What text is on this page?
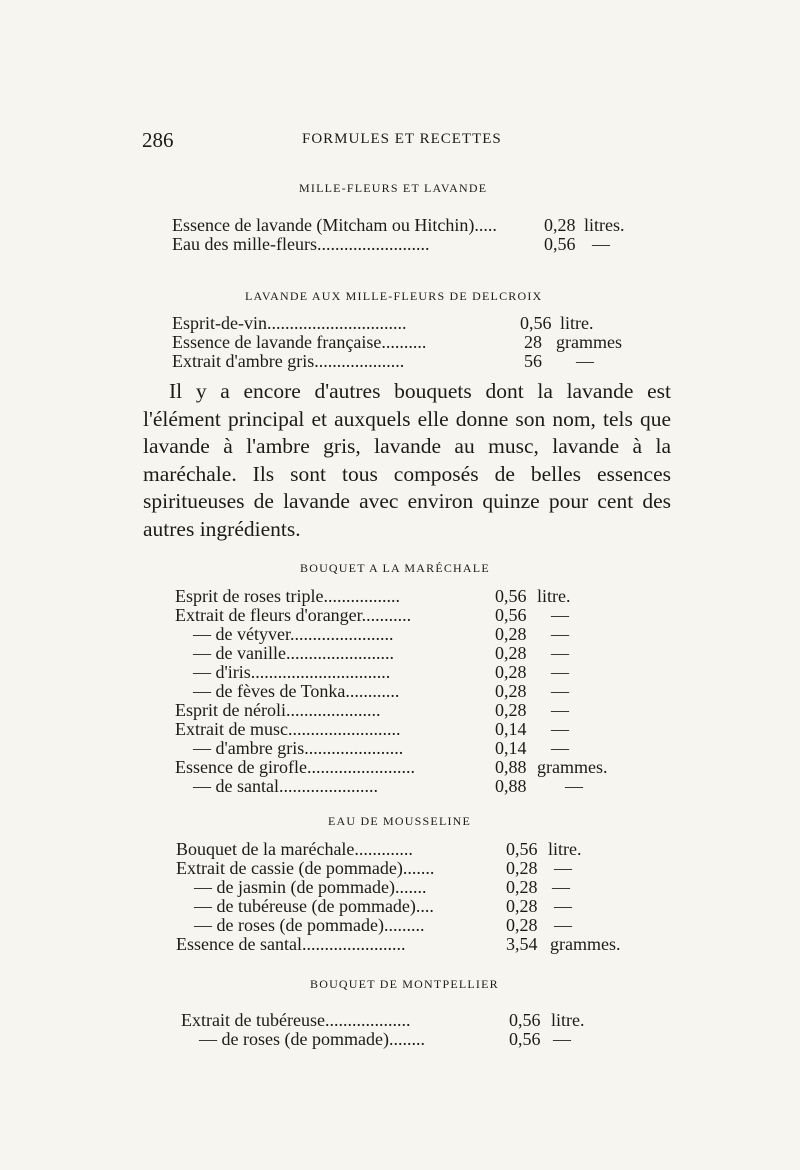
286	FORMULES ET RECETTES
MILLE-FLEURS ET LAVANDE
Essence de lavande (Mitcham ou Hitchin).....	0,28 litres.
Eau des mille-fleurs.........................	0,56 —
LAVANDE AUX MILLE-FLEURS DE DELCROIX
Esprit-de-vin...............................	0,56 litre.
Essence de lavande française..........	28 grammes
Extrait d'ambre gris....................	56 —

Il y a encore d'autres bouquets dont la lavande est l'élément principal et auxquels elle donne son nom, tels que lavande à l'ambre gris, lavande au musc, lavande à la maréchale. Ils sont tous composés de belles essences spiritueuses de lavande avec environ quinze pour cent des autres ingrédients.

BOUQUET A LA MARÉCHALE
Esprit de roses triple.................	0,56 litre.
Extrait de fleurs d'oranger...........	0,56 —
— de vétyver.......................	0,28 —
— de vanille........................	0,28 —
— d'iris...............................	0,28 —
— de fèves de Tonka............	0,28 —
Esprit de néroli.....................	0,28 —
Extrait de musc.........................	0,14 —
— d'ambre gris......................	0,14 —
Essence de girofle........................	0,88 grammes.
— de santal......................	0,88 —
EAU DE MOUSSELINE
Bouquet de la maréchale.............	0,56 litre.
Extrait de cassie (de pommade).......	0,28 —
— de jasmin (de pommade).......	0,28 —
— de tubéreuse (de pommade)....	0,28 —
— de roses (de pommade).........	0,28 —
Essence de santal.......................	3,54 grammes.
BOUQUET DE MONTPELLIER
Extrait de tubéreuse...................	0,56 litre.
— de roses (de pommade)........	0,56 —
